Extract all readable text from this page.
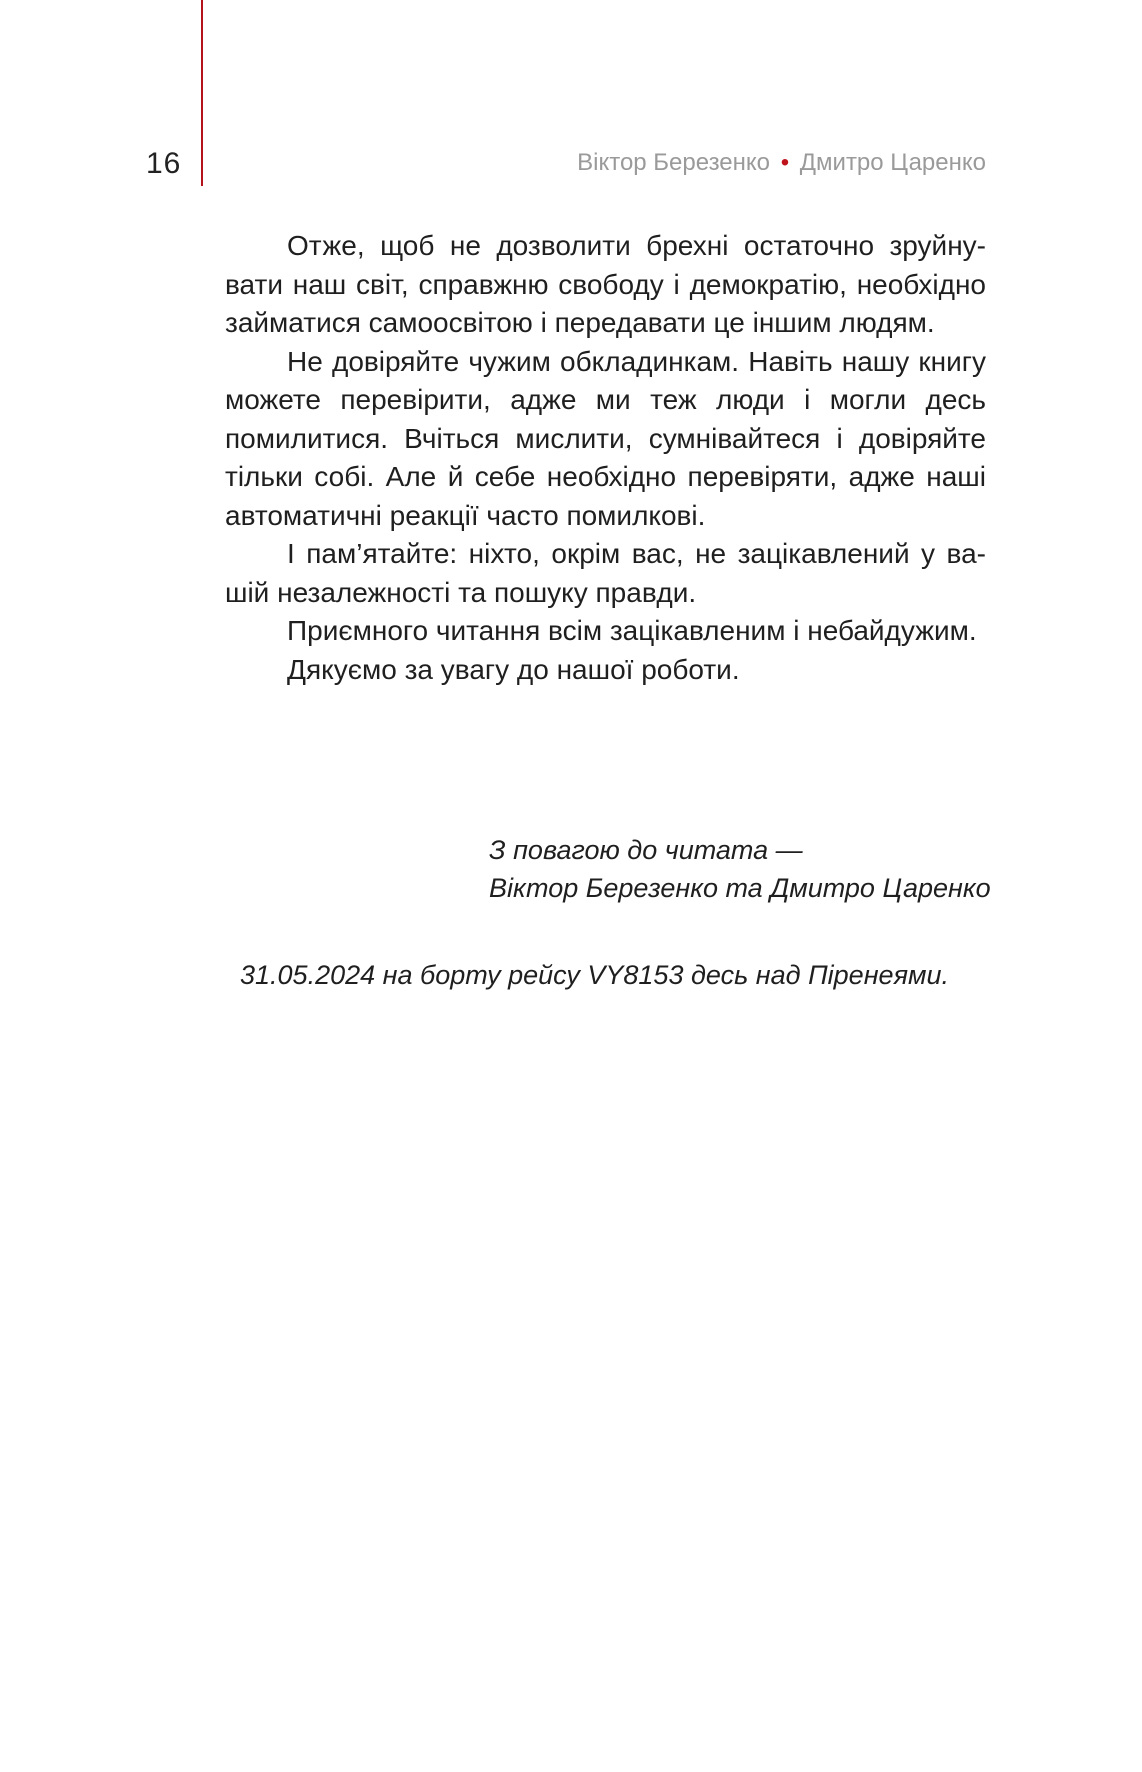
16	Віктор Березенко • Дмитро Царенко

Отже, щоб не дозволити брехні остаточно зруйнувати наш світ, справжню свободу і демократію, необхідно займатися самоосвітою і передавати це іншим людям.

Не довіряйте чужим обкладинкам. Навіть нашу книгу можете перевірити, адже ми теж люди і могли десь помилитися. Вчіться мислити, сумнівайтеся і довіряйте тільки собі. Але й себе необхідно перевіряти, адже наші автоматичні реакції часто помилкові.

І пам’ятайте: ніхто, окрім вас, не зацікавлений у вашій незалежності та пошуку правди.

Приємного читання всім зацікавленим і небайдужим.

Дякуємо за увагу до нашої роботи.

З повагою до читата —
Віктор Березенко та Дмитро Царенко
31.05.2024 на борту рейсу VY8153 десь над Піренеями.
